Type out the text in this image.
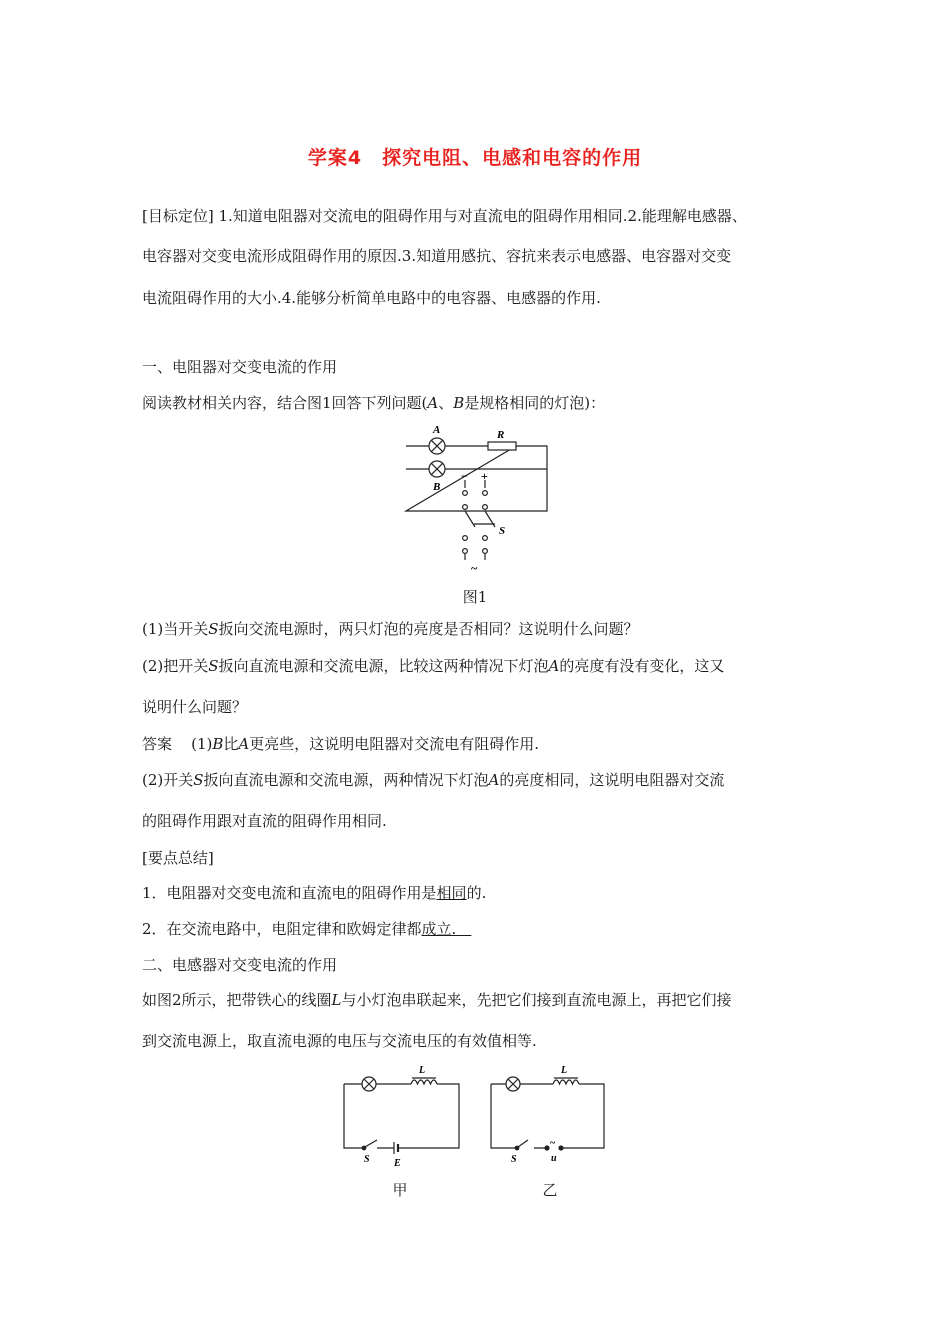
学案4　探究电阻、电感和电容的作用
[目标定位] 1.知道电阻器对交流电的阻碍作用与对直流电的阻碍作用相同.2.能理解电感器、
电容器对交变电流形成阻碍作用的原因.3.知道用感抗、容抗来表示电感器、电容器对交变
电流阻碍作用的大小.4.能够分析简单电路中的电容器、电感器的作用.
一、电阻器对交变电流的作用
阅读教材相关内容，结合图1回答下列问题(A、B是规格相同的灯泡)：
A
B
R
− +
S
~
图1
(1)当开关S扳向交流电源时，两只灯泡的亮度是否相同？这说明什么问题？
(2)把开关S扳向直流电源和交流电源，比较这两种情况下灯泡A的亮度有没有变化，这又
说明什么问题？
答案 (1)B比A更亮些，这说明电阻器对交流电有阻碍作用.
(2)开关S扳向直流电源和交流电源，两种情况下灯泡A的亮度相同，这说明电阻器对交流
的阻碍作用跟对直流的阻碍作用相同.
[要点总结]
1．电阻器对交变电流和直流电的阻碍作用是相同的.
2．在交流电路中，电阻定律和欧姆定律都成立.　
二、电感器对交变电流的作用
如图2所示，把带铁心的线圈L与小灯泡串联起来，先把它们接到直流电源上，再把它们接
到交流电源上，取直流电源的电压与交流电压的有效值相等.
L
S E
L
S
~
u
甲	乙
